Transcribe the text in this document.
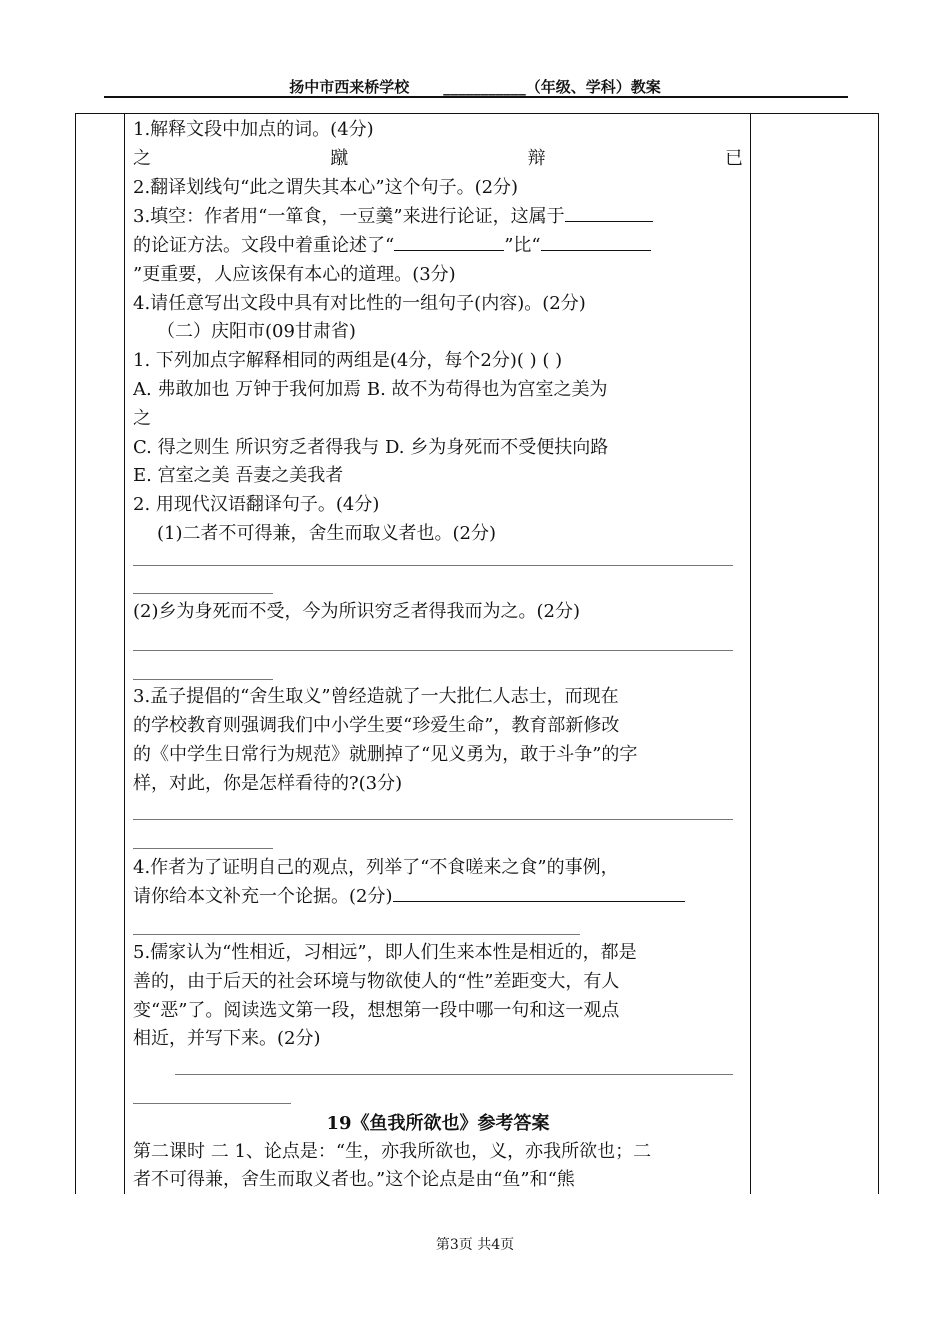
扬中市西来桥学校 ___________（年级、学科）教案
1.解释文段中加点的词。(4分)
之	蹴	辩	已
2.翻译划线句“此之谓失其本心”这个句子。(2分)
3.填空：作者用“一箪食，一豆羹”来进行论证，这属于
的论证方法。文段中着重论述了“	”比“
”更重要，人应该保有本心的道理。(3分)
4.请任意写出文段中具有对比性的一组句子(内容)。(2分)
（二）庆阳市(09甘肃省)
1. 下列加点字解释相同的两组是(4分，每个2分)( ) ( )
A. 弗敢加也 万钟于我何加焉 B. 故不为苟得也为宫室之美为
之
C. 得之则生 所识穷乏者得我与 D. 乡为身死而不受便扶向路
E. 宫室之美 吾妻之美我者
2. 用现代汉语翻译句子。(4分)
(1)二者不可得兼，舍生而取义者也。(2分)
(2)乡为身死而不受，今为所识穷乏者得我而为之。(2分)
3.孟子提倡的“舍生取义”曾经造就了一大批仁人志士，而现在
的学校教育则强调我们中小学生要“珍爱生命”，教育部新修改
的《中学生日常行为规范》就删掉了“见义勇为，敢于斗争”的字
样，对此，你是怎样看待的?(3分)
4.作者为了证明自己的观点，列举了“不食嗟来之食”的事例，
请你给本文补充一个论据。(2分)
5.儒家认为“性相近，习相远”，即人们生来本性是相近的，都是
善的，由于后天的社会环境与物欲使人的“性”差距变大，有人
变“恶”了。阅读选文第一段，想想第一段中哪一句和这一观点
相近，并写下来。(2分)
19《鱼我所欲也》参考答案
第二课时 二 1、论点是：“生，亦我所欲也，义，亦我所欲也；二
者不可得兼，舍生而取义者也。”这个论点是由“鱼”和“熊
第3页 共4页
